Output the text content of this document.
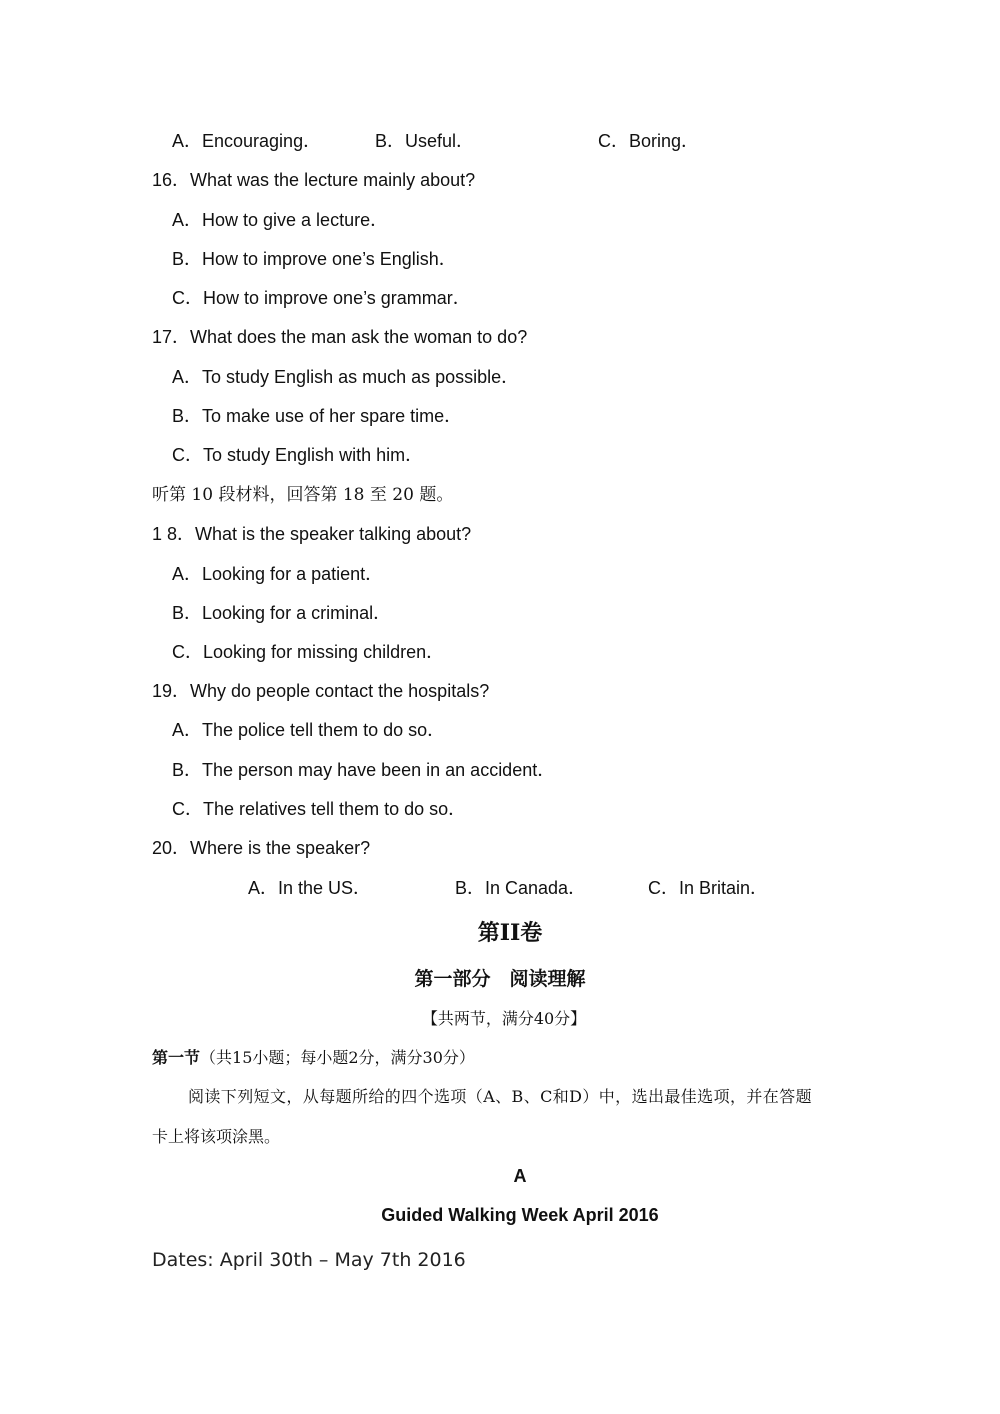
A．Encouraging．	B．Useful．	C．Boring．
16．What was the lecture mainly about?
A．How to give a lecture．
B．How to improve one’s English．
C．How to improve one’s grammar．
17．What does the man ask the woman to do?
A．To study English as much as possible．
B．To make use of her spare time．
C．To study English with him．
听第 10 段材料，回答第 18 至 20 题。
1 8．What is the speaker talking about?
A．Looking for a patient．
B．Looking for a criminal．
C．Looking for missing children．
19．Why do people contact the hospitals?
A．The police tell them to do so．
B．The person may have been in an accident．
C．The relatives tell them to do so．
20．Where is the speaker?
A．In the US．	B．In Canada．	C．In Britain．
第II卷
第一部分　阅读理解
【共两节，满分40分】
第一节（共15小题；每小题2分，满分30分）
阅读下列短文，从每题所给的四个选项（A、B、C和D）中，选出最佳选项，并在答题
卡上将该项涂黑。
A
Guided Walking Week April 2016
Dates: April 30th – May 7th 2016
